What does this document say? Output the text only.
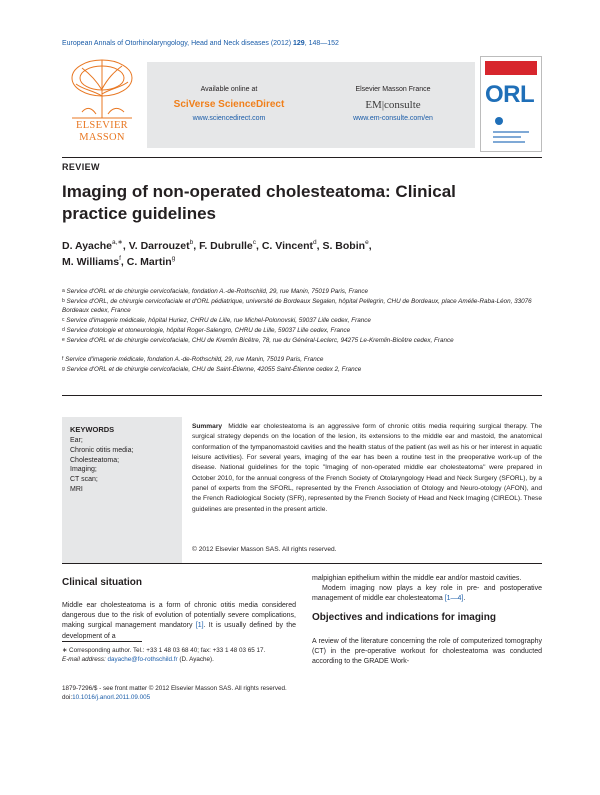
European Annals of Otorhinolaryngology, Head and Neck diseases (2012) 129, 148—152
ELSEVIER
MASSON
Available online at
SciVerse ScienceDirect
www.sciencedirect.com
Elsevier Masson France
EM|consulte
www.em-consulte.com/en
ORL
REVIEW
Imaging of non-operated cholesteatoma: Clinical
practice guidelines
D. Ayache$^{a,∗}$, V. Darrouzet$^b$, F. Dubrulle$^c$, C. Vincent$^d$, S. Bobin$^e$,
M. Williams$^f$, C. Martin$^g$
$^a$ Service d'ORL et de chirurgie cervicofaciale, fondation A.-de-Rothschild, 29, rue Manin, 75019 Paris, France
$^b$ Service d'ORL, de chirurgie cervicofaciale et d'ORL pédiatrique, université de Bordeaux Segalen, hôpital Pellegrin, CHU de Bordeaux, place Amélie-Raba-Léon, 33076 Bordeaux cedex, France
$^c$ Service d'imagerie médicale, hôpital Huriez, CHRU de Lille, rue Michel-Polonovski, 59037 Lille cedex, France
$^d$ Service d'otologie et otoneurologie, hôpital Roger-Salengro, CHRU de Lille, 59037 Lille cedex, France
$^e$ Service d'ORL et de chirurgie cervicofaciale, CHU de Kremlin Bicêtre, 78, rue du Général-Leclerc, 94275 Le-Kremlin-Bicêtre cedex, France
$^f$ Service d'imagerie médicale, fondation A.-de-Rothschild, 29, rue Manin, 75019 Paris, France
$^g$ Service d'ORL et de chirurgie cervicofaciale, CHU de Saint-Étienne, 42055 Saint-Étienne cedex 2, France
KEYWORDS
Ear;
Chronic otitis media;
Cholesteatoma;
Imaging;
CT scan;
MRI
Summary Middle ear cholesteatoma is an aggressive form of chronic otitis media requiring surgical therapy. The surgical strategy depends on the location of the lesion, its extensions to the middle ear and mastoid, the anatomical conformation of the tympanomastoid cavities and the health status of the patient (as well as his or her interest in aquatic leisure activities). For several years, imaging of the ear has been a routine test in the preoperative work-up of the disease. National guidelines for the topic ''Imaging of non-operated middle ear cholesteatoma'' were prepared in October 2010, for the annual congress of the French Society of Otolaryngology Head and Neck Surgery (SFORL), by a panel of experts from the SFORL, represented by the French Association of Otology and Neuro-otology (AFON), and the French Radiological Society (SFR), represented by the French Society of Head and Neck Imaging (CIREOL). These guidelines are presented in the present article.
© 2012 Elsevier Masson SAS. All rights reserved.
Clinical situation
Middle ear cholesteatoma is a form of chronic otitis media considered dangerous due to the risk of evolution of potentially severe complications, making surgical management mandatory [1]. It is usually defined by the development of a
malpighian epithelium within the middle ear and/or mastoid cavities.
Modern imaging now plays a key role in pre- and postoperative management of middle ear cholesteatoma [1—4].
Objectives and indications for imaging
A review of the literature concerning the role of computerized tomography (CT) in the pre-operative workout for cholesteatoma was conducted according to the GRADE Work-
∗ Corresponding author. Tel.: +33 1 48 03 68 40; fax: +33 1 48 03 65 17.
E-mail address: dayache@fo-rothschild.fr (D. Ayache).
1879-7296/$ - see front matter © 2012 Elsevier Masson SAS. All rights reserved.
doi:10.1016/j.anorl.2011.09.005
